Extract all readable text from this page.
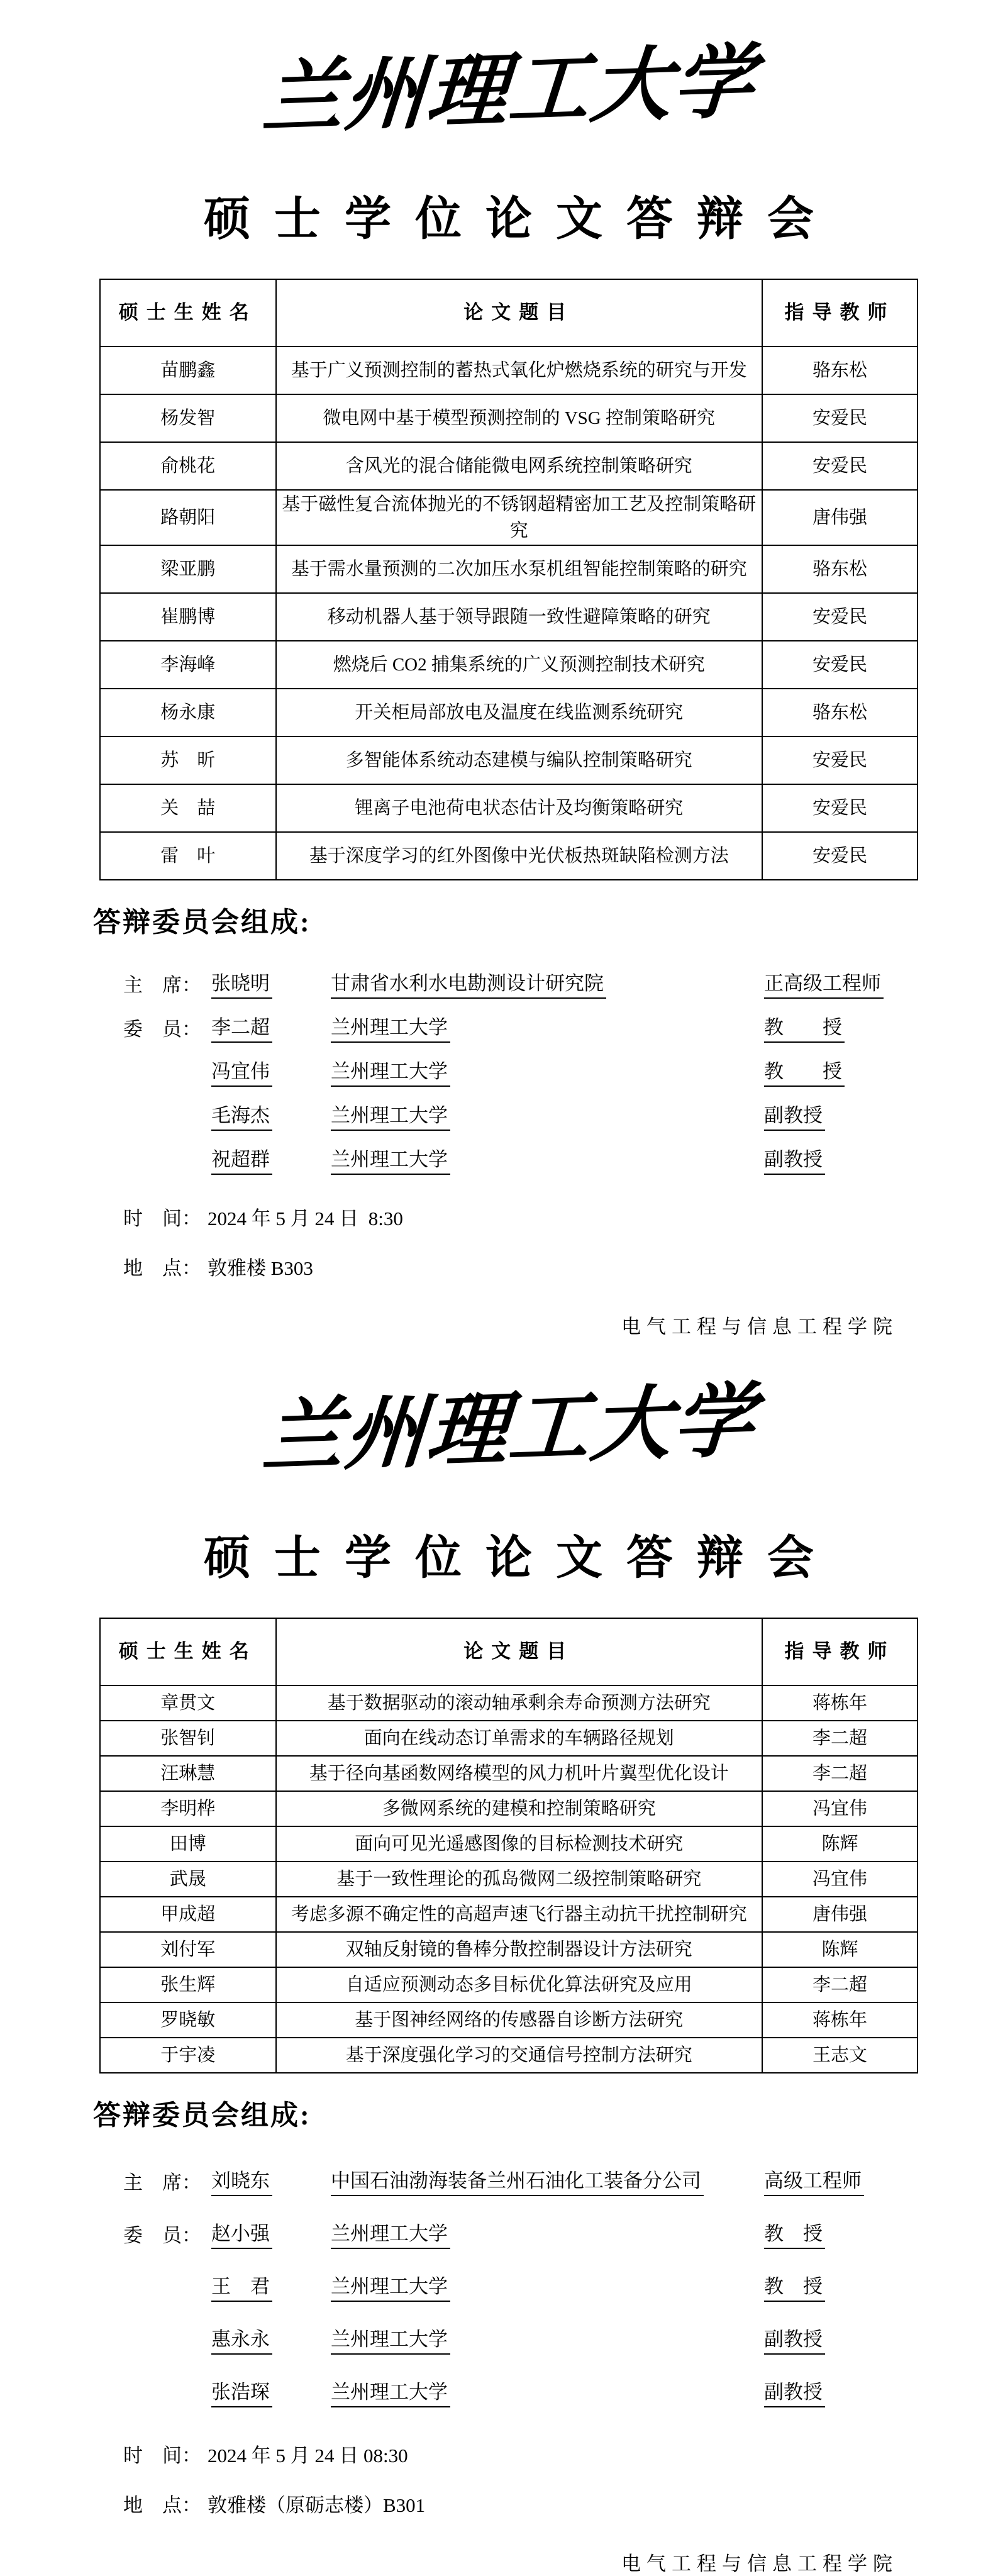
兰州理工大学
硕士学位论文答辩会
硕士生姓名	论文题目	指导教师
苗鹏鑫	基于广义预测控制的蓄热式氧化炉燃烧系统的研究与开发	骆东松
杨发智	微电网中基于模型预测控制的 VSG 控制策略研究	安爱民
俞桃花	含风光的混合储能微电网系统控制策略研究	安爱民
路朝阳	基于磁性复合流体抛光的不锈钢超精密加工艺及控制策略研究	唐伟强
梁亚鹏	基于需水量预测的二次加压水泵机组智能控制策略的研究	骆东松
崔鹏博	移动机器人基于领导跟随一致性避障策略的研究	安爱民
李海峰	燃烧后 CO2 捕集系统的广义预测控制技术研究	安爱民
杨永康	开关柜局部放电及温度在线监测系统研究	骆东松
苏　昕	多智能体系统动态建模与编队控制策略研究	安爱民
关　喆	锂离子电池荷电状态估计及均衡策略研究	安爱民
雷　叶	基于深度学习的红外图像中光伏板热斑缺陷检测方法	安爱民
答辩委员会组成:
主　席： 张晓明	甘肃省水利水电勘测设计研究院	正高级工程师
委　员： 李二超	兰州理工大学	教　　授
冯宜伟	兰州理工大学	教　　授
毛海杰	兰州理工大学	副教授
祝超群	兰州理工大学	副教授
时　间： 2024 年 5 月 24 日  8:30
地　点： 敦雅楼 B303
电气工程与信息工程学院
兰州理工大学
硕士学位论文答辩会
硕士生姓名	论文题目	指导教师
章贯文	基于数据驱动的滚动轴承剩余寿命预测方法研究	蒋栋年
张智钊	面向在线动态订单需求的车辆路径规划	李二超
汪琳慧	基于径向基函数网络模型的风力机叶片翼型优化设计	李二超
李明桦	多微网系统的建模和控制策略研究	冯宜伟
田博	面向可见光遥感图像的目标检测技术研究	陈辉
武晟	基于一致性理论的孤岛微网二级控制策略研究	冯宜伟
甲成超	考虑多源不确定性的高超声速飞行器主动抗干扰控制研究	唐伟强
刘付军	双轴反射镜的鲁棒分散控制器设计方法研究	陈辉
张生辉	自适应预测动态多目标优化算法研究及应用	李二超
罗晓敏	基于图神经网络的传感器自诊断方法研究	蒋栋年
于宇凌	基于深度强化学习的交通信号控制方法研究	王志文
答辩委员会组成:
主　席： 刘晓东	中国石油渤海装备兰州石油化工装备分公司	高级工程师
委　员： 赵小强	兰州理工大学	教　授
王　君	兰州理工大学	教　授
惠永永	兰州理工大学	副教授
张浩琛	兰州理工大学	副教授
时　间： 2024 年 5 月 24 日 08:30
地　点： 敦雅楼（原砺志楼）B301
电气工程与信息工程学院
